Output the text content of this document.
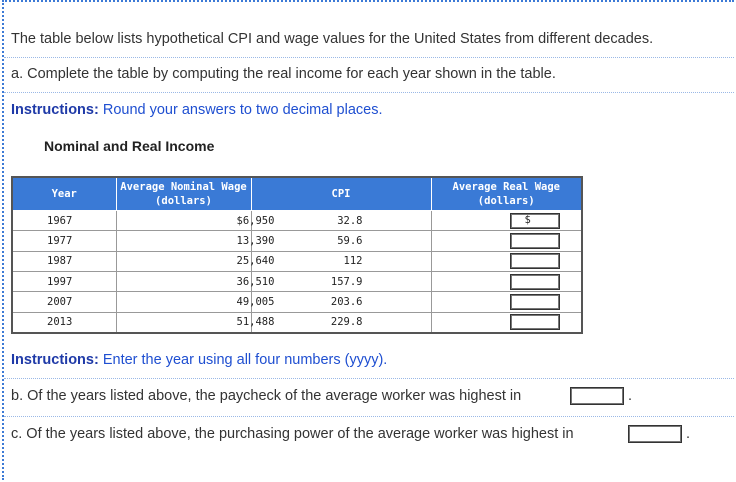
The table below lists hypothetical CPI and wage values for the United States from different decades.
a. Complete the table by computing the real income for each year shown in the table.
Instructions: Round your answers to two decimal places.
Nominal and Real Income
Year	Average Nominal Wage (dollars)	CPI	Average Real Wage (dollars)
1967	$6,950	32.8	$

1977	13,390	59.6	
1987	25,640	112	
1997	36,510	157.9	
2007	49,005	203.6	
2013	51,488	229.8	
Instructions: Enter the year using all four numbers (yyyy).
b. Of the years listed above, the paycheck of the average worker was highest in	.
c. Of the years listed above, the purchasing power of the average worker was highest in	.
